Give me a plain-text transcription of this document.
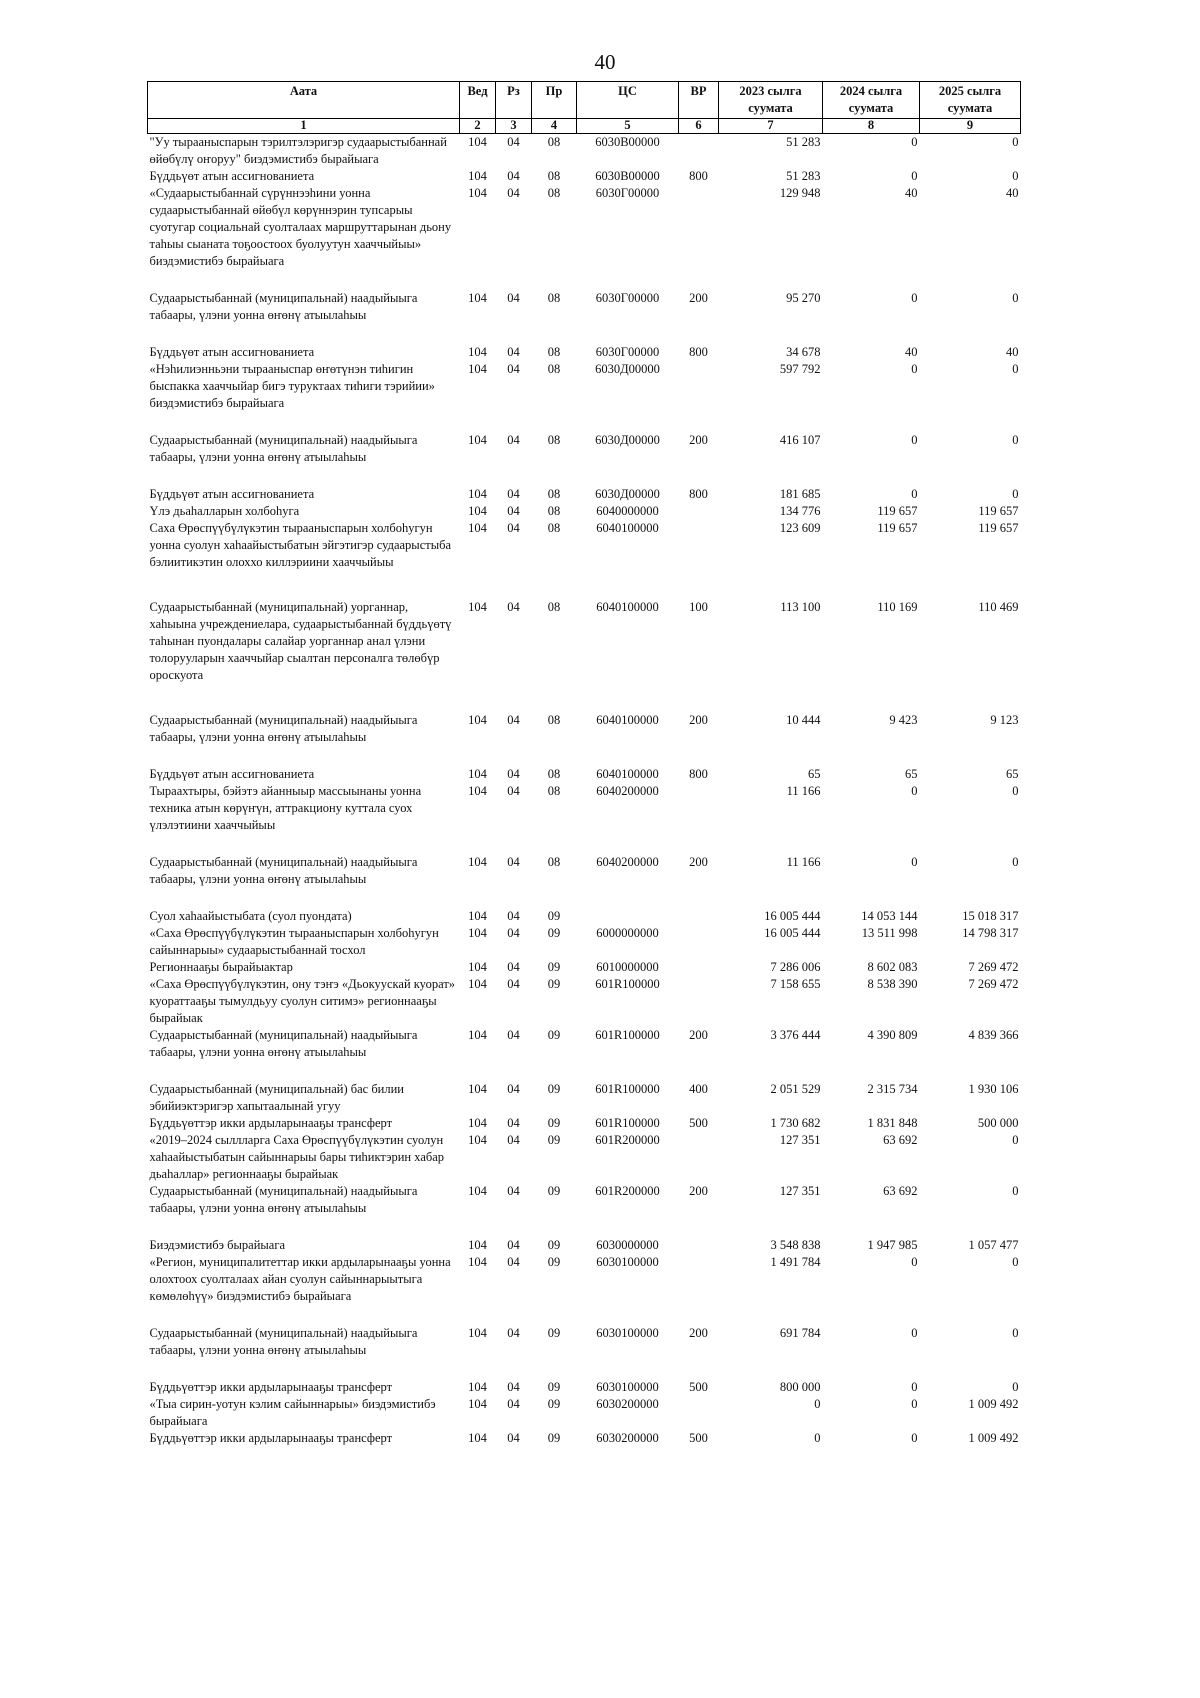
40
Аата	Вед	Рз	Пр	ЦС	ВР	2023 сылга суумата	2024 сылга суумата	2025 сылга суумата
1	2	3	4	5	6	7	8	9
"Уу тырааныспарын тэрилтэлэригэр судаарыстыбаннай өйөбүлү оҥоруу" биэдэмистибэ бырайыага	104	04	08	6030В00000		51 283	0	0
Бүддьүөт атын ассигнованиета	104	04	08	6030В00000	800	51 283	0	0
«Судаарыстыбаннай сүрүннээһини уонна судаарыстыбаннай өйөбүл көрүннэрин тупсарыы суотугар социальнай суолталаах маршруттарынан дьону таһыы сыаната тоҕоостоох буолуутун хааччыйыы» биэдэмистибэ бырайыага	104	04	08	6030Г00000		129 948	40	40
Судаарыстыбаннай (муниципальнай) наадыйыыга табаары, үлэни уонна өҥөнү атыылаһыы	104	04	08	6030Г00000	200	95 270	0	0
Бүддьүөт атын ассигнованиета	104	04	08	6030Г00000	800	34 678	40	40
«Нэһилиэнньэни тырааныспар өҥөтүнэн тиһигин быспакка хааччыйар бигэ туруктаах тиһиги тэрийии» биэдэмистибэ бырайыага	104	04	08	6030Д00000		597 792	0	0
Судаарыстыбаннай (муниципальнай) наадыйыыга табаары, үлэни уонна өҥөнү атыылаһыы	104	04	08	6030Д00000	200	416 107	0	0
Бүддьүөт атын ассигнованиета	104	04	08	6030Д00000	800	181 685	0	0
Үлэ дьаһалларын холбоһуга	104	04	08	6040000000		134 776	119 657	119 657
Саха Өрөспүүбүлүкэтин тырааныспарын холбоһугун уонна суолун хаһаайыстыбатын эйгэтигэр судаарыстыба бэлиитикэтин олоххо киллэриини хааччыйыы	104	04	08	6040100000		123 609	119 657	119 657
Судаарыстыбаннай (муниципальнай) уорганнар, хаһыына учреждениелара, судаарыстыбаннай бүддьүөтү таһынан пуондалары салайар уорганнар анал үлэни толорууларын хааччыйар сыалтан персоналга төлөбүр ороскуота	104	04	08	6040100000	100	113 100	110 169	110 469
Судаарыстыбаннай (муниципальнай) наадыйыыга табаары, үлэни уонна өҥөнү атыылаһыы	104	04	08	6040100000	200	10 444	9 423	9 123
Бүддьүөт атын ассигнованиета	104	04	08	6040100000	800	65	65	65
Тыраахтыры, бэйэтэ айанныыр массыынаны уонна техника атын көрүҥүн, аттракциону куттала суох үлэлэтиини хааччыйыы	104	04	08	6040200000		11 166	0	0
Судаарыстыбаннай (муниципальнай) наадыйыыга табаары, үлэни уонна өҥөнү атыылаһыы	104	04	08	6040200000	200	11 166	0	0
Суол хаһаайыстыбата (суол пуондата)	104	04	09			16 005 444	14 053 144	15 018 317
«Саха Өрөспүүбүлүкэтин тырааныспарын холбоһугун сайыннарыы» судаарыстыбаннай тосхол	104	04	09	6000000000		16 005 444	13 511 998	14 798 317
Регионнааҕы бырайыактар	104	04	09	6010000000		7 286 006	8 602 083	7 269 472
«Саха Өрөспүүбүлүкэтин, ону тэҥэ «Дьокуускай куорат» куораттааҕы тымулдьуу суолун ситимэ» регионнааҕы бырайыак	104	04	09	601R100000		7 158 655	8 538 390	7 269 472
Судаарыстыбаннай (муниципальнай) наадыйыыга табаары, үлэни уонна өҥөнү атыылаһыы	104	04	09	601R100000	200	3 376 444	4 390 809	4 839 366
Судаарыстыбаннай (муниципальнай) бас билии эбийиэктэригэр хапытаалынай угуу	104	04	09	601R100000	400	2 051 529	2 315 734	1 930 106
Бүддьүөттэр икки ардыларынааҕы трансферт	104	04	09	601R100000	500	1 730 682	1 831 848	500 000
«2019–2024 сыллларга Саха Өрөспүүбүлүкэтин суолун хаһаайыстыбатын сайыннарыы бары тиһиктэрин хабар дьаһаллар» регионнааҕы бырайыак	104	04	09	601R200000		127 351	63 692	0
Судаарыстыбаннай (муниципальнай) наадыйыыга табаары, үлэни уонна өҥөнү атыылаһыы	104	04	09	601R200000	200	127 351	63 692	0
Биэдэмистибэ бырайыага	104	04	09	6030000000		3 548 838	1 947 985	1 057 477
«Регион, муниципалитеттар икки ардыларынааҕы уонна олохтоох суолталаах айан суолун сайыннарыытыга көмөлөһүү» биэдэмистибэ бырайыага	104	04	09	6030100000		1 491 784	0	0
Судаарыстыбаннай (муниципальнай) наадыйыыга табаары, үлэни уонна өҥөнү атыылаһыы	104	04	09	6030100000	200	691 784	0	0
Бүддьүөттэр икки ардыларынааҕы трансферт	104	04	09	6030100000	500	800 000	0	0
«Тыа сирин-уотун кэлим сайыннарыы» биэдэмистибэ бырайыага	104	04	09	6030200000		0	0	1 009 492
Бүддьүөттэр икки ардыларынааҕы трансферт	104	04	09	6030200000	500	0	0	1 009 492
